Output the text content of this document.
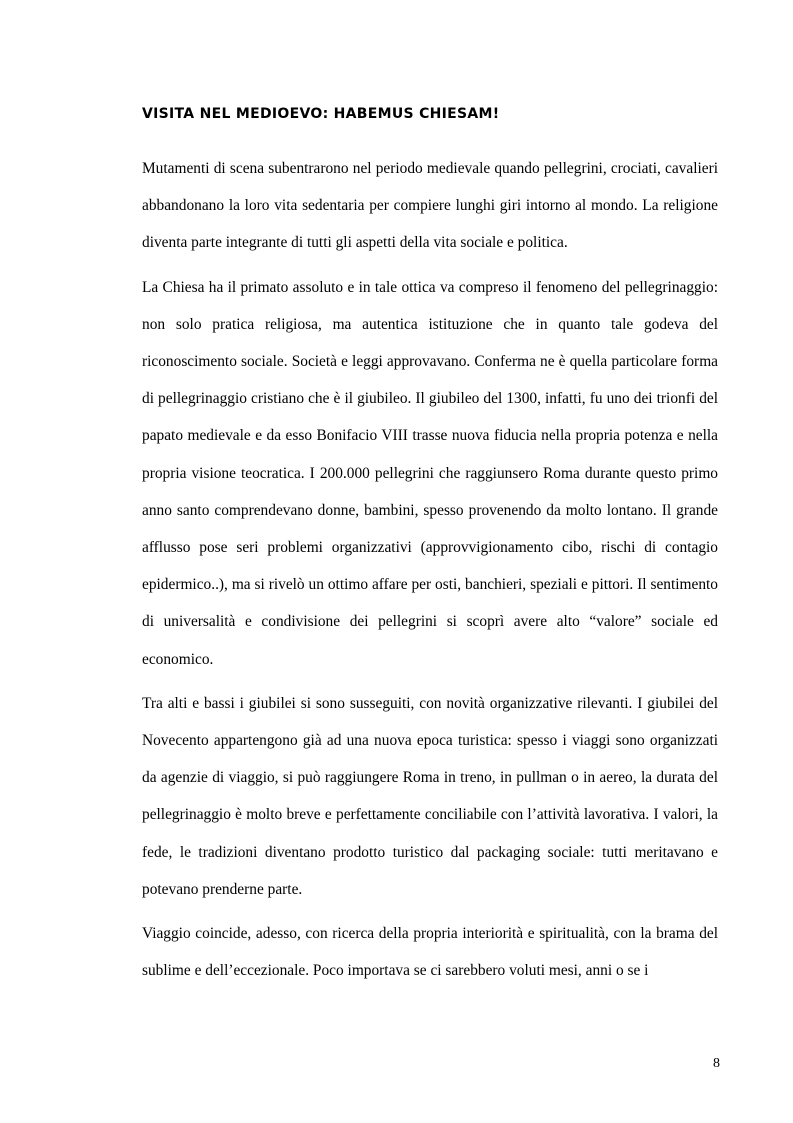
VISITA NEL MEDIOEVO: HABEMUS CHIESAM!

Mutamenti di scena subentrarono nel periodo medievale quando pellegrini, crociati, cavalieri abbandonano la loro vita sedentaria per compiere lunghi giri intorno al mondo. La religione diventa parte integrante di tutti gli aspetti della vita sociale e politica.

La Chiesa ha il primato assoluto e in tale ottica va compreso il fenomeno del pellegrinaggio: non solo pratica religiosa, ma autentica istituzione che in quanto tale godeva del riconoscimento sociale. Società e leggi approvavano. Conferma ne è quella particolare forma di pellegrinaggio cristiano che è il giubileo. Il giubileo del 1300, infatti, fu uno dei trionfi del papato medievale e da esso Bonifacio VIII trasse nuova fiducia nella propria potenza e nella propria visione teocratica. I 200.000 pellegrini che raggiunsero Roma durante questo primo anno santo comprendevano donne, bambini, spesso provenendo da molto lontano. Il grande afflusso pose seri problemi organizzativi (approvvigionamento cibo, rischi di contagio epidermico..), ma si rivelò un ottimo affare per osti, banchieri, speziali e pittori. Il sentimento di universalità e condivisione dei pellegrini si scoprì avere alto “valore” sociale ed economico.

Tra alti e bassi i giubilei si sono susseguiti, con novità organizzative rilevanti. I giubilei del Novecento appartengono già ad una nuova epoca turistica: spesso i viaggi sono organizzati da agenzie di viaggio, si può raggiungere Roma in treno, in pullman o in aereo, la durata del pellegrinaggio è molto breve e perfettamente conciliabile con l’attività lavorativa. I valori, la fede, le tradizioni diventano prodotto turistico dal packaging sociale: tutti meritavano e potevano prenderne parte.

Viaggio coincide, adesso, con ricerca della propria interiorità e spiritualità, con la brama del sublime e dell’eccezionale. Poco importava se ci sarebbero voluti mesi, anni o se i

8
